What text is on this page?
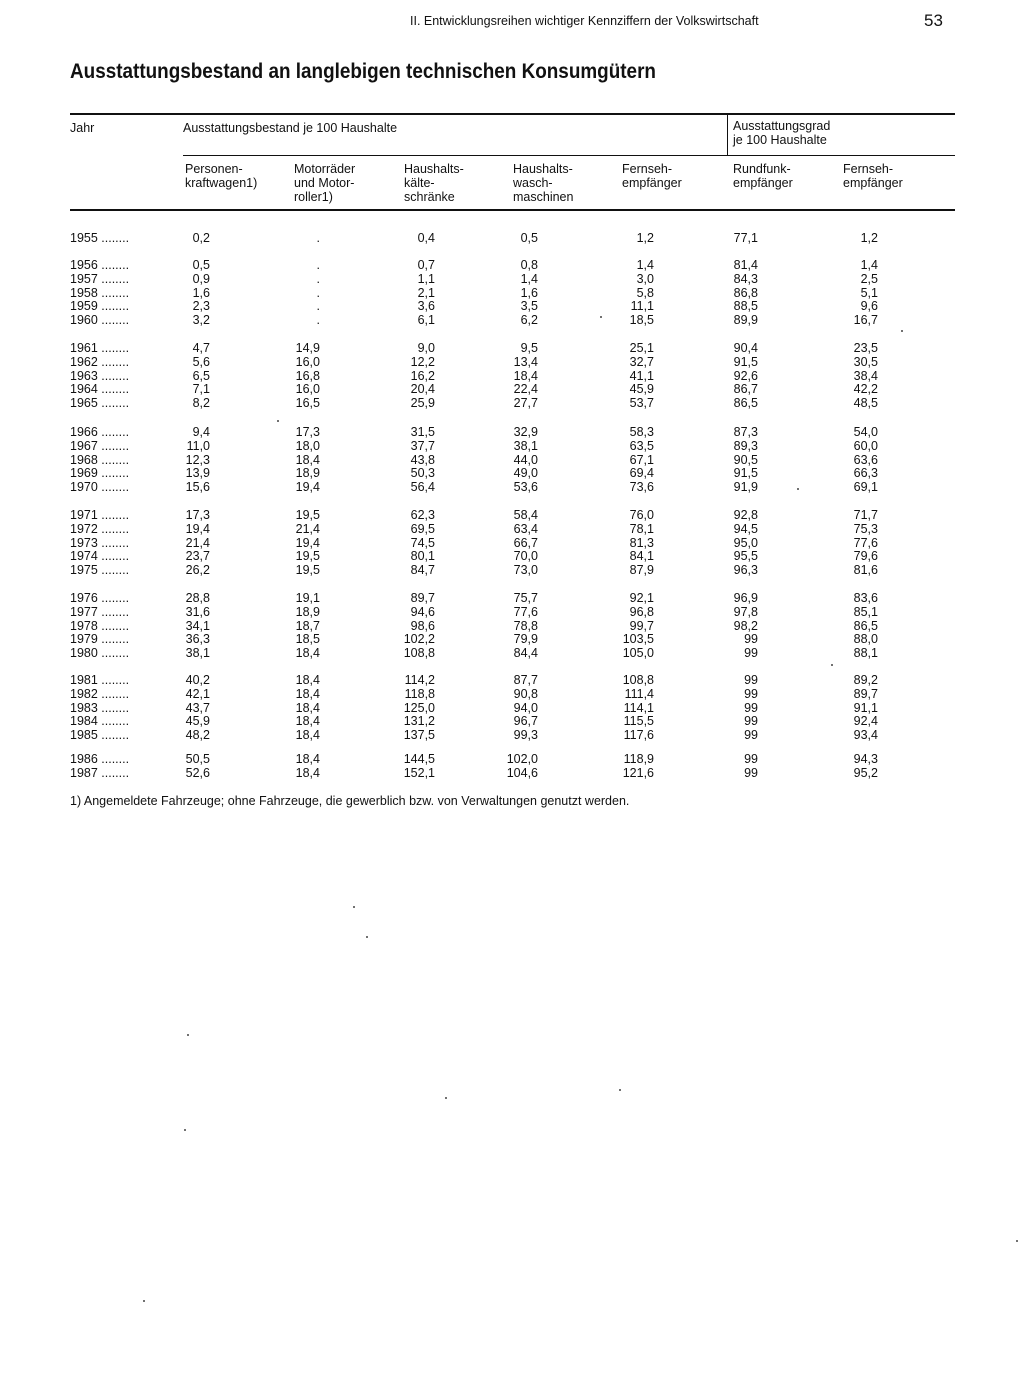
II. Entwicklungsreihen wichtiger Kennziffern der Volkswirtschaft	53
Ausstattungsbestand an langlebigen technischen Konsumgütern
Jahr	Ausstattungsbestand je 100 Haushalte	Ausstattungsgrad
je 100 Haushalte
Personen-
kraftwagen1)
Motorräder
und Motor-
roller1)
Haushalts-
kälte-
schränke
Haushalts-
wasch-
maschinen
Fernseh-
empfänger
Rundfunk-
empfänger
Fernseh-
empfänger
1955 ........	0,2	.	0,4	0,5	1,2	77,1	1,2
1956 ........	0,5	.	0,7	0,8	1,4	81,4	1,4
1957 ........	0,9	.	1,1	1,4	3,0	84,3	2,5
1958 ........	1,6	.	2,1	1,6	5,8	86,8	5,1
1959 ........	2,3	.	3,6	3,5	11,1	88,5	9,6
1960 ........	3,2	.	6,1	6,2	18,5	89,9	16,7
1961 ........	4,7	14,9	9,0	9,5	25,1	90,4	23,5
1962 ........	5,6	16,0	12,2	13,4	32,7	91,5	30,5
1963 ........	6,5	16,8	16,2	18,4	41,1	92,6	38,4
1964 ........	7,1	16,0	20,4	22,4	45,9	86,7	42,2
1965 ........	8,2	16,5	25,9	27,7	53,7	86,5	48,5
1966 ........	9,4	17,3	31,5	32,9	58,3	87,3	54,0
1967 ........	11,0	18,0	37,7	38,1	63,5	89,3	60,0
1968 ........	12,3	18,4	43,8	44,0	67,1	90,5	63,6
1969 ........	13,9	18,9	50,3	49,0	69,4	91,5	66,3
1970 ........	15,6	19,4	56,4	53,6	73,6	91,9	69,1
1971 ........	17,3	19,5	62,3	58,4	76,0	92,8	71,7
1972 ........	19,4	21,4	69,5	63,4	78,1	94,5	75,3
1973 ........	21,4	19,4	74,5	66,7	81,3	95,0	77,6
1974 ........	23,7	19,5	80,1	70,0	84,1	95,5	79,6
1975 ........	26,2	19,5	84,7	73,0	87,9	96,3	81,6
1976 ........	28,8	19,1	89,7	75,7	92,1	96,9	83,6
1977 ........	31,6	18,9	94,6	77,6	96,8	97,8	85,1
1978 ........	34,1	18,7	98,6	78,8	99,7	98,2	86,5
1979 ........	36,3	18,5	102,2	79,9	103,5	99	88,0
1980 ........	38,1	18,4	108,8	84,4	105,0	99	88,1
1981 ........	40,2	18,4	114,2	87,7	108,8	99	89,2
1982 ........	42,1	18,4	118,8	90,8	111,4	99	89,7
1983 ........	43,7	18,4	125,0	94,0	114,1	99	91,1
1984 ........	45,9	18,4	131,2	96,7	115,5	99	92,4
1985 ........	48,2	18,4	137,5	99,3	117,6	99	93,4
1986 ........	50,5	18,4	144,5	102,0	118,9	99	94,3
1987 ........	52,6	18,4	152,1	104,6	121,6	99	95,2
1) Angemeldete Fahrzeuge; ohne Fahrzeuge, die gewerblich bzw. von Verwaltungen genutzt werden.
